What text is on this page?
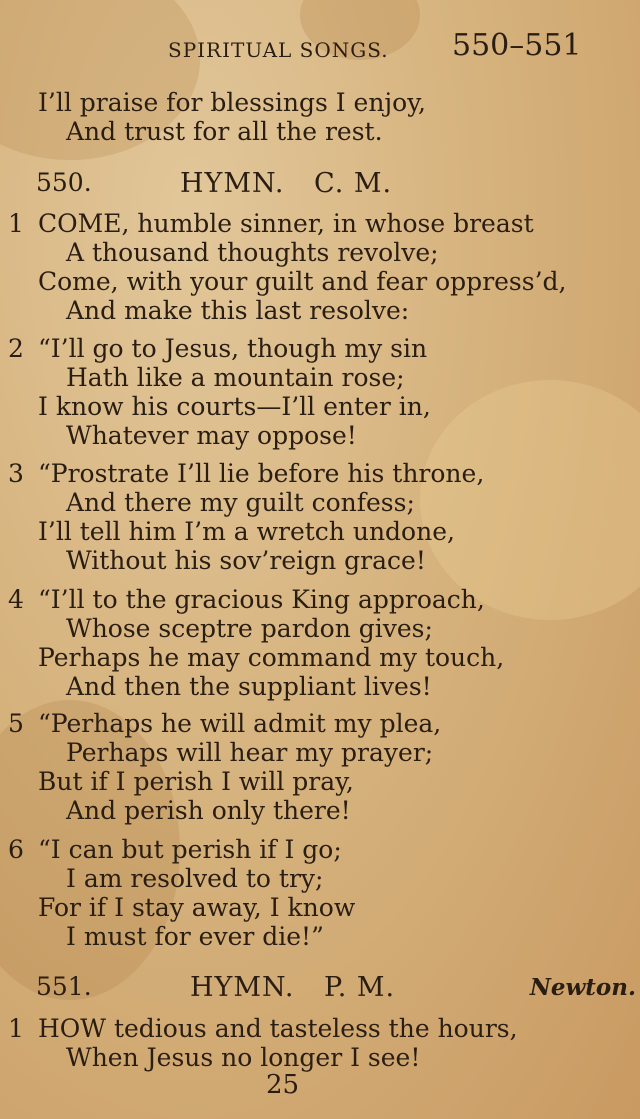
SPIRITUAL SONGS. 550–551
I’ll praise for blessings I enjoy,
And trust for all the rest.
550.	HYMN. C. M.
1 COME, humble sinner, in whose breast
A thousand thoughts revolve;
Come, with your guilt and fear oppress’d,
And make this last resolve:
2 “I’ll go to Jesus, though my sin
Hath like a mountain rose;
I know his courts—I’ll enter in,
Whatever may oppose!
3 “Prostrate I’ll lie before his throne,
And there my guilt confess;
I’ll tell him I’m a wretch undone,
Without his sov’reign grace!
4 “I’ll to the gracious King approach,
Whose sceptre pardon gives;
Perhaps he may command my touch,
And then the suppliant lives!
5 “Perhaps he will admit my plea,
Perhaps will hear my prayer;
But if I perish I will pray,
And perish only there!
6 “I can but perish if I go;
I am resolved to try;
For if I stay away, I know
I must for ever die!”
551.	HYMN. P. M.	Newton.
1 HOW tedious and tasteless the hours,
When Jesus no longer I see!
25
